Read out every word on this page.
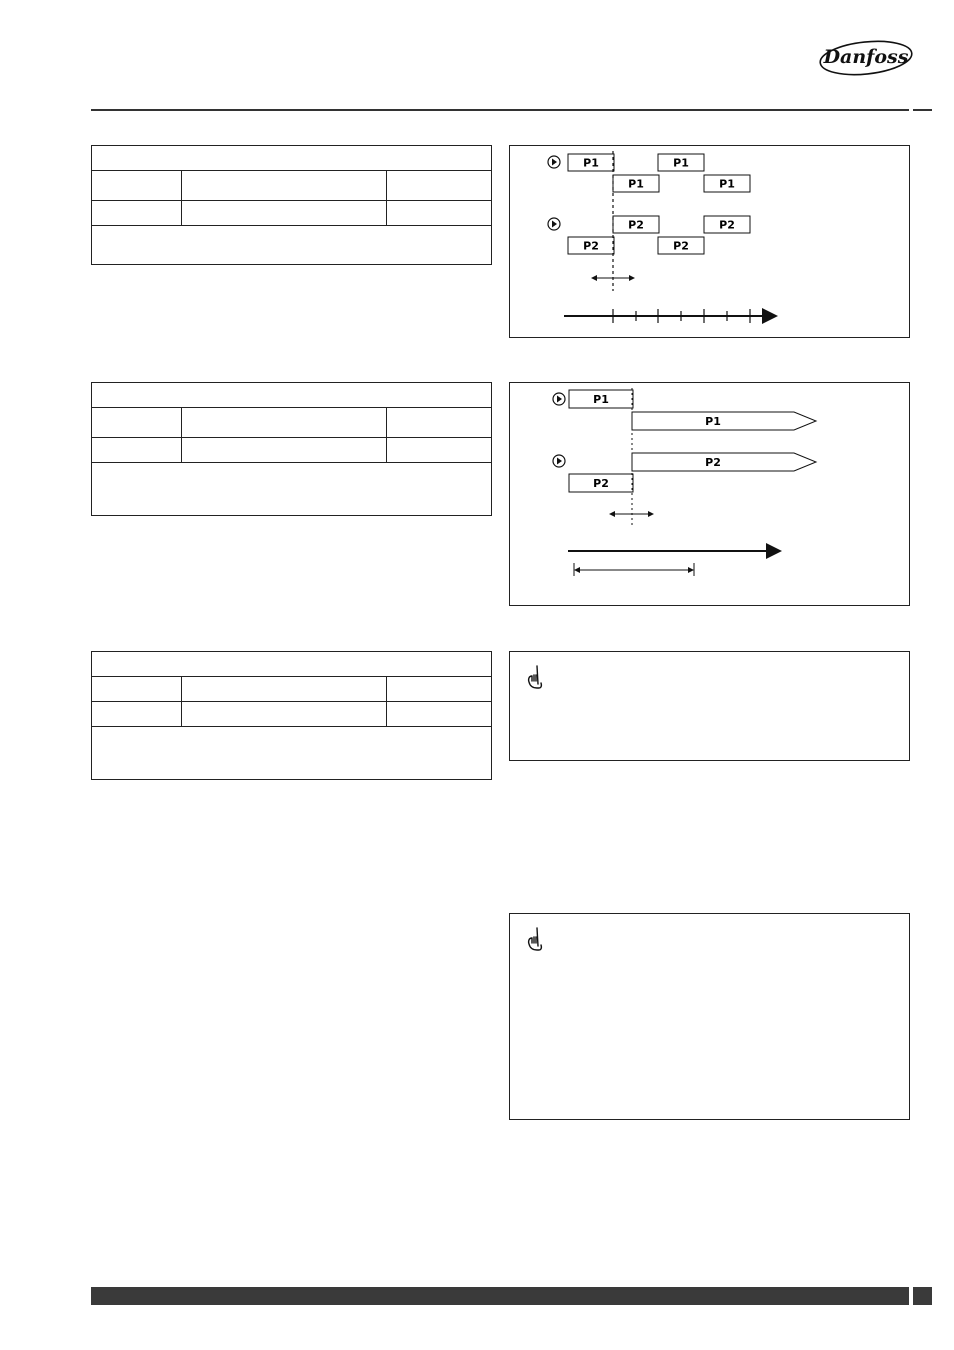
Danfoss
P1	P1
P1	P1
P2	P2
P2	P2
P1
P1
P2
P2
